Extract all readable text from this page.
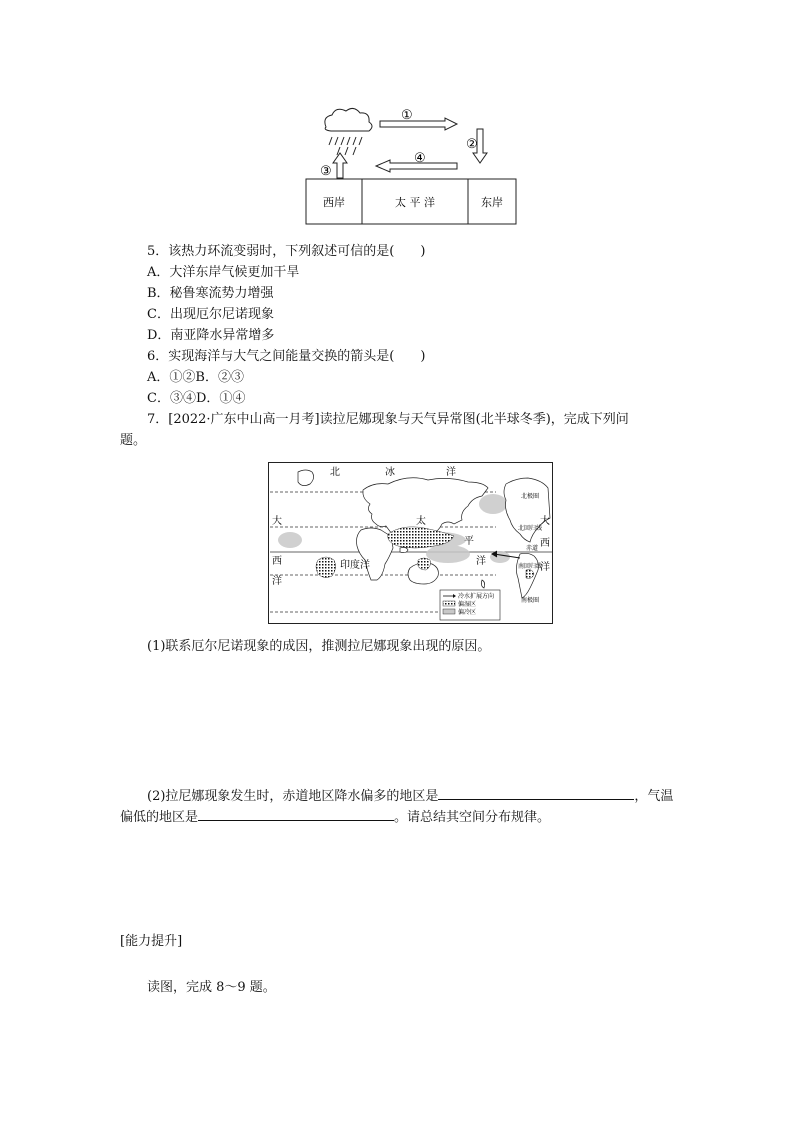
①
②
④
③
西岸	太 平 洋	东岸
5．该热力环流变弱时，下列叙述可信的是(　　)
A．大洋东岸气候更加干旱
B．秘鲁寒流势力增强
C．出现厄尔尼诺现象
D．南亚降水异常增多
6．实现海洋与大气之间能量交换的箭头是(　　)
A．①②B．②③
C．③④D．①④
7．[2022·广东中山高一月考]读拉尼娜现象与天气异常图(北半球冬季)，完成下列问
题。
北	冰	洋
大	太
平
洋
印度洋
西
洋
大
西
洋
北极圈
北回归线
赤道
南回归线
南极圈
冷水扩展方向
偏湿区
偏冷区
(1)联系厄尔尼诺现象的成因，推测拉尼娜现象出现的原因。
(2)拉尼娜现象发生时，赤道地区降水偏多的地区是	，气温
偏低的地区是	。请总结其空间分布规律。
[能力提升]
读图，完成 8～9 题。
